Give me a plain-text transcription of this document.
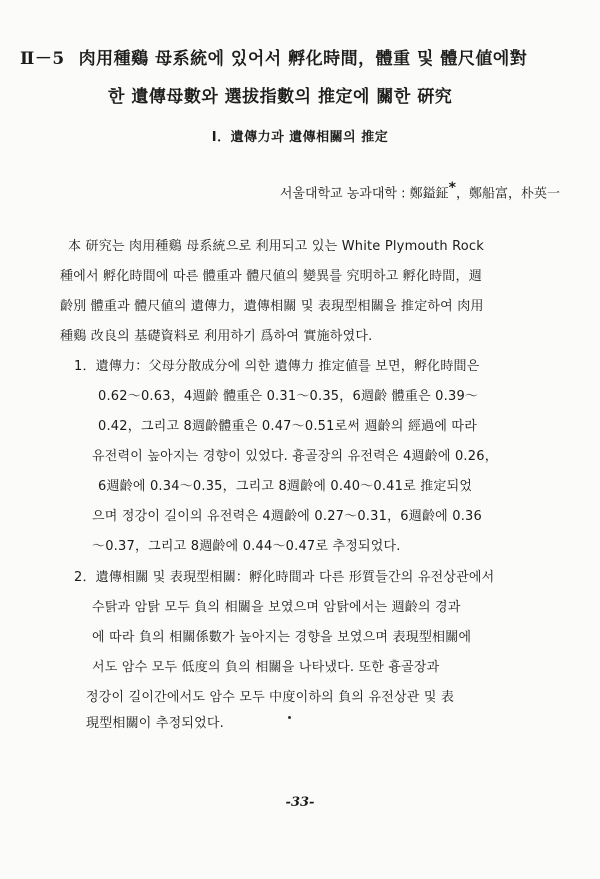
Ⅱ－5 肉用種鷄 母系統에 있어서 孵化時間，體重 및 體尺値에對
한 遺傳母數와 選拔指數의 推定에 關한 硏究
Ⅰ．遺傳力과 遺傳相關의 推定
서울대학교 농과대학 : 鄭鎰鉦*，鄭船富，朴英一
本 研究는 肉用種鷄 母系統으로 利用되고 있는 White Plymouth Rock
種에서 孵化時間에 따른 體重과 體尺値의 變異를 究明하고 孵化時間，週
齡別 體重과 體尺値의 遺傳力，遺傳相關 및 表現型相關을 推定하여 肉用
種鷄 改良의 基礎資料로 利用하기 爲하여 實施하였다.
1．遺傳力：父母分散成分에 의한 遺傳力 推定値를 보면，孵化時間은
0.62～0.63，4週齡 體重은 0.31～0.35，6週齡 體重은 0.39～
0.42，그리고 8週齡體重은 0.47～0.51로써 週齡의 經過에 따라
유전력이 높아지는 경향이 있었다. 흉골장의 유전력은 4週齡에 0.26，
6週齡에 0.34～0.35，그리고 8週齡에 0.40～0.41로 推定되었
으며 정강이 길이의 유전력은 4週齡에 0.27～0.31，6週齡에 0.36
～0.37，그리고 8週齡에 0.44～0.47로 추정되었다.
2．遺傳相關 및 表現型相關：孵化時間과 다른 形質들간의 유전상관에서
수탉과 암탉 모두 負의 相關을 보였으며 암탉에서는 週齡의 경과
에 따라 負의 相關係數가 높아지는 경향을 보였으며 表現型相關에
서도 암수 모두 低度의 負의 相關을 나타냈다. 또한 흉골장과
정강이 길이간에서도 암수 모두 中度이하의 負의 유전상관 및 表
現型相關이 추정되었다.
-33-
